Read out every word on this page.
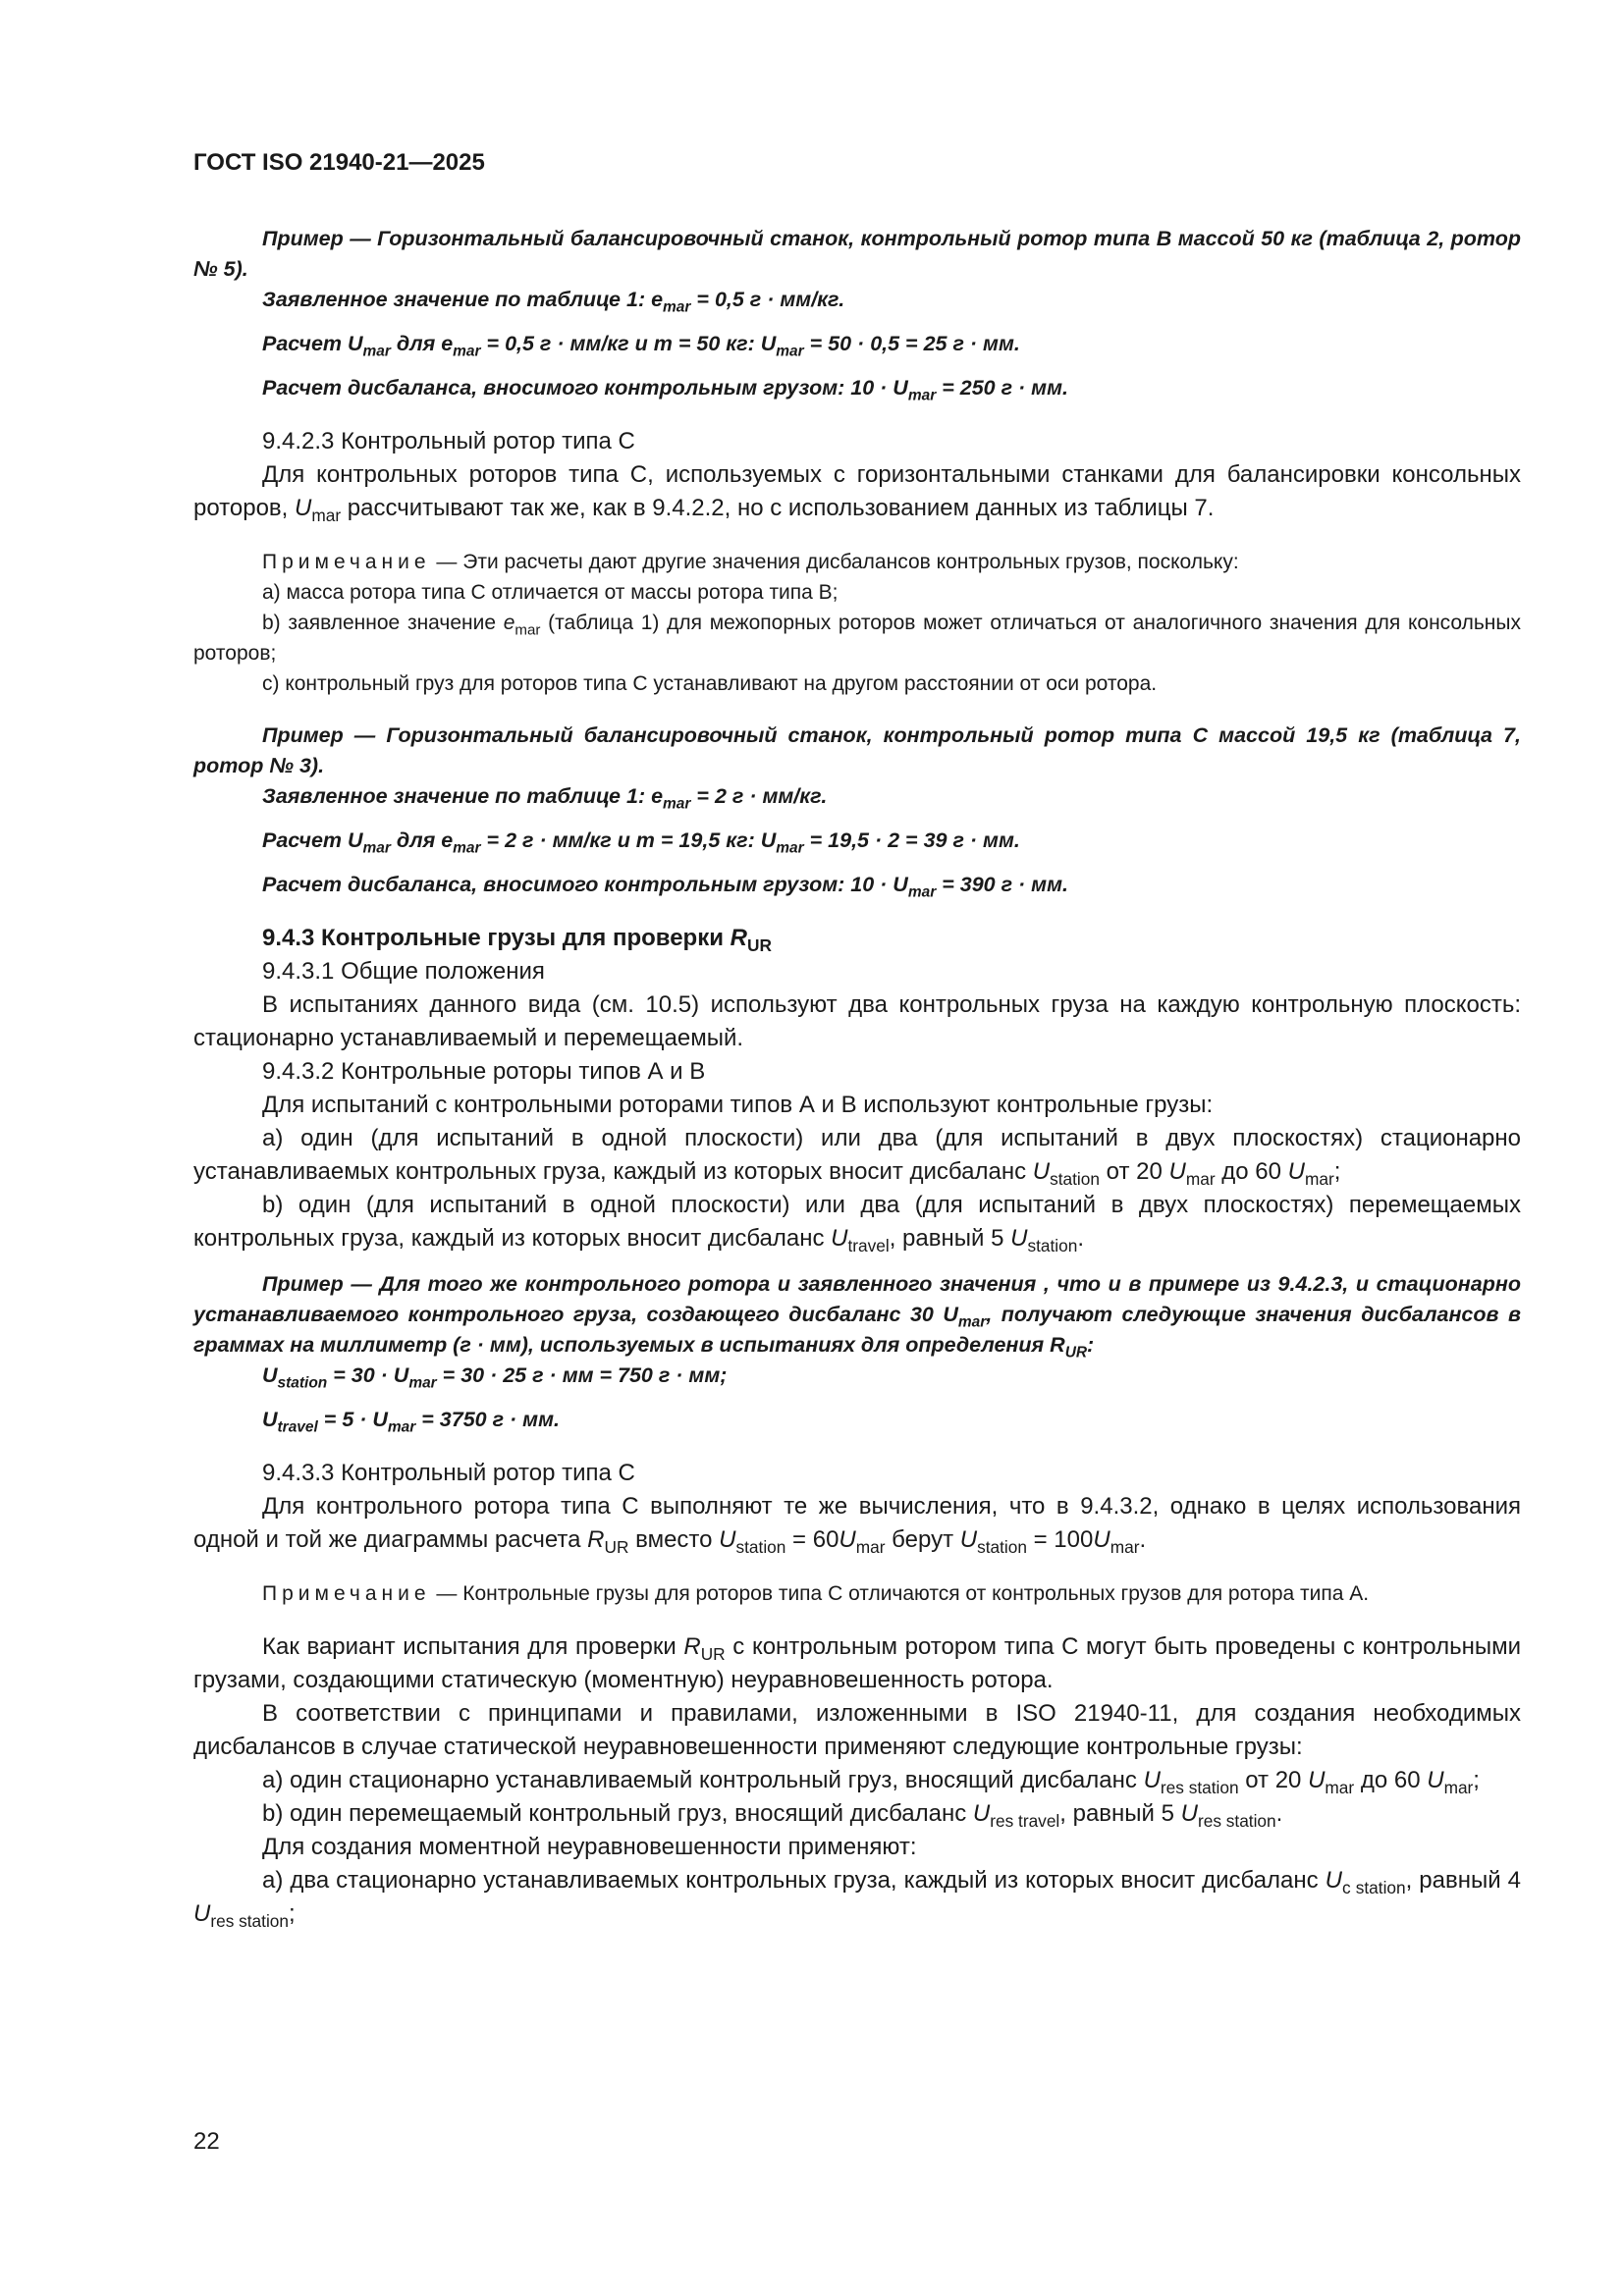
ГОСТ ISO 21940-21—2025

Пример — Горизонтальный балансировочный станок, контрольный ротор типа В массой 50 кг (таблица 2, ротор № 5).

Заявленное значение по таблице 1: $e_{mar} = 0,5$ г · мм/кг.

Расчет $U_{mar}$ для $e_{mar} = 0,5$ г · мм/кг и m = 50 кг: $U_{mar} = 50 \cdot 0,5 = 25$ г · мм.

Расчет дисбаланса, вносимого контрольным грузом: $10 \cdot U_{mar} = 250$ г · мм.

9.4.2.3 Контрольный ротор типа С

Для контрольных роторов типа С, используемых с горизонтальными станками для балансировки консольных роторов, $U_{mar}$ рассчитывают так же, как в 9.4.2.2, но с использованием данных из таблицы 7.

Примечание — Эти расчеты дают другие значения дисбалансов контрольных грузов, поскольку:

a) масса ротора типа С отличается от массы ротора типа В;

b) заявленное значение $e_{mar}$ (таблица 1) для межопорных роторов может отличаться от аналогичного значения для консольных роторов;

c) контрольный груз для роторов типа С устанавливают на другом расстоянии от оси ротора.

Пример — Горизонтальный балансировочный станок, контрольный ротор типа С массой 19,5 кг (таблица 7, ротор № 3).

Заявленное значение по таблице 1: $e_{mar} = 2$ г · мм/кг.

Расчет $U_{mar}$ для $e_{mar} = 2$ г · мм/кг и m = 19,5 кг: $U_{mar} = 19,5 \cdot 2 = 39$ г · мм.

Расчет дисбаланса, вносимого контрольным грузом: $10 \cdot U_{mar} = 390$ г · мм.

9.4.3 Контрольные грузы для проверки $R_{UR}$

9.4.3.1 Общие положения

В испытаниях данного вида (см. 10.5) используют два контрольных груза на каждую контрольную плоскость: стационарно устанавливаемый и перемещаемый.

9.4.3.2 Контрольные роторы типов А и В

Для испытаний с контрольными роторами типов А и В используют контрольные грузы:

a) один (для испытаний в одной плоскости) или два (для испытаний в двух плоскостях) стационарно устанавливаемых контрольных груза, каждый из которых вносит дисбаланс $U_{station}$ от 20 $U_{mar}$ до 60 $U_{mar}$;

b) один (для испытаний в одной плоскости) или два (для испытаний в двух плоскостях) перемещаемых контрольных груза, каждый из которых вносит дисбаланс $U_{travel}$, равный 5 $U_{station}$.

Пример — Для того же контрольного ротора и заявленного значения , что и в примере из 9.4.2.3, и стационарно устанавливаемого контрольного груза, создающего дисбаланс 30 $U_{mar}$, получают следующие значения дисбалансов в граммах на миллиметр (г · мм), используемых в испытаниях для определения $R_{UR}$:

$U_{station} = 30 \cdot U_{mar} = 30 \cdot 25$ г · мм = 750 г · мм;

$U_{travel} = 5 \cdot U_{mar} = 3750$ г · мм.

9.4.3.3 Контрольный ротор типа С

Для контрольного ротора типа С выполняют те же вычисления, что в 9.4.3.2, однако в целях использования одной и той же диаграммы расчета $R_{UR}$ вместо $U_{station} = 60U_{mar}$ берут $U_{station} = 100U_{mar}$.

Примечание — Контрольные грузы для роторов типа С отличаются от контрольных грузов для ротора типа А.

Как вариант испытания для проверки $R_{UR}$ с контрольным ротором типа С могут быть проведены с контрольными грузами, создающими статическую (моментную) неуравновешенность ротора.

В соответствии с принципами и правилами, изложенными в ISO 21940-11, для создания необходимых дисбалансов в случае статической неуравновешенности применяют следующие контрольные грузы:

a) один стационарно устанавливаемый контрольный груз, вносящий дисбаланс $U_{res station}$ от 20 $U_{mar}$ до 60 $U_{mar}$;

b) один перемещаемый контрольный груз, вносящий дисбаланс $U_{res travel}$, равный 5 $U_{res station}$.

Для создания моментной неуравновешенности применяют:

a) два стационарно устанавливаемых контрольных груза, каждый из которых вносит дисбаланс $U_{c station}$, равный 4 $U_{res station}$;

22
